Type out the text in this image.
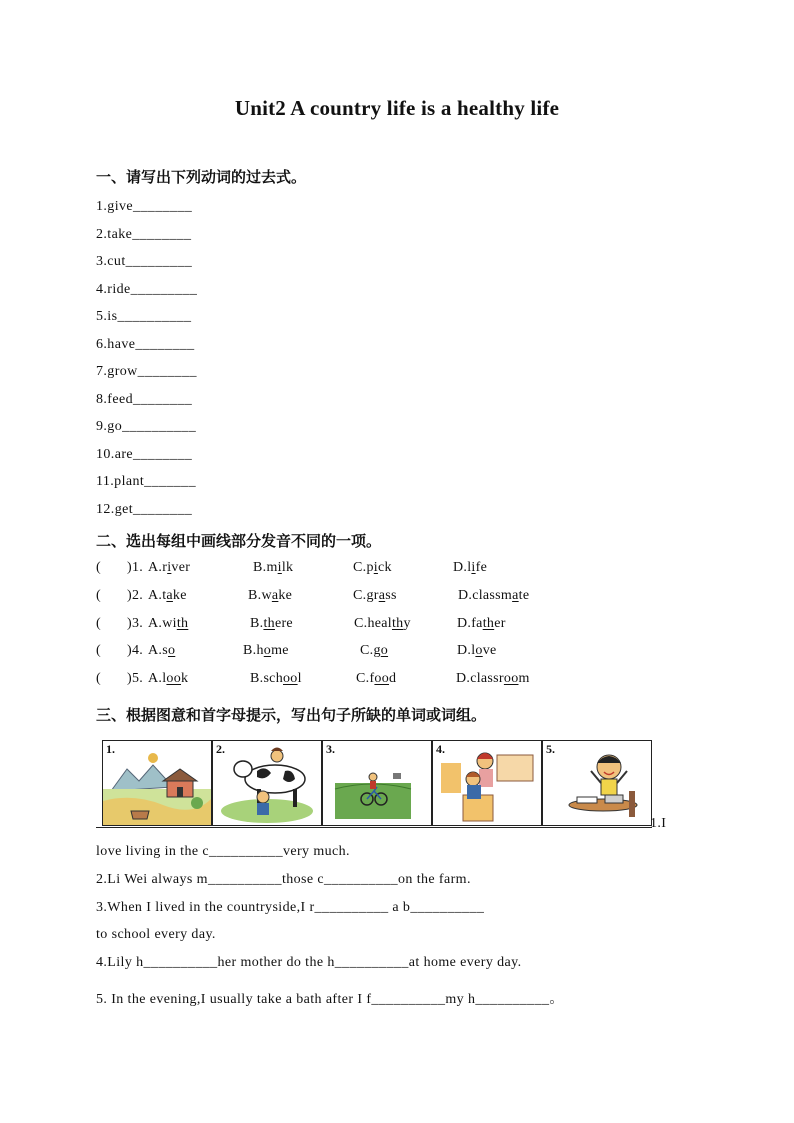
Unit2 A country life is a healthy life
一、请写出下列动词的过去式。
1.give________
2.take________
3.cut_________
4.ride_________
5.is__________
6.have________
7.grow________
8.feed________
9.go__________
10.are________
11.plant_______
12.get________
二、选出每组中画线部分发音不同的一项。
( )1. A.river	B.milk	C.pick	D.life
( )2. A.take	B.wake	C.grass	D.classmate
( )3. A.with	B.there	C.healthy	D.father
( )4. A.so	B.home	C.go	D.love
( )5. A.look	B.school	C.food	D.classroom
三、根据图意和首字母提示，写出句子所缺的单词或词组。
1.	2.	3.	4.	5.
1.I
love living in the c__________very much.
2.Li Wei always m__________those c__________on the farm.
3.When I lived in the countryside,I r__________ a b__________
to school every day.
4.Lily h__________her mother do the h__________at home every day.
5. In the evening,I usually take a bath after I f__________my h__________。
